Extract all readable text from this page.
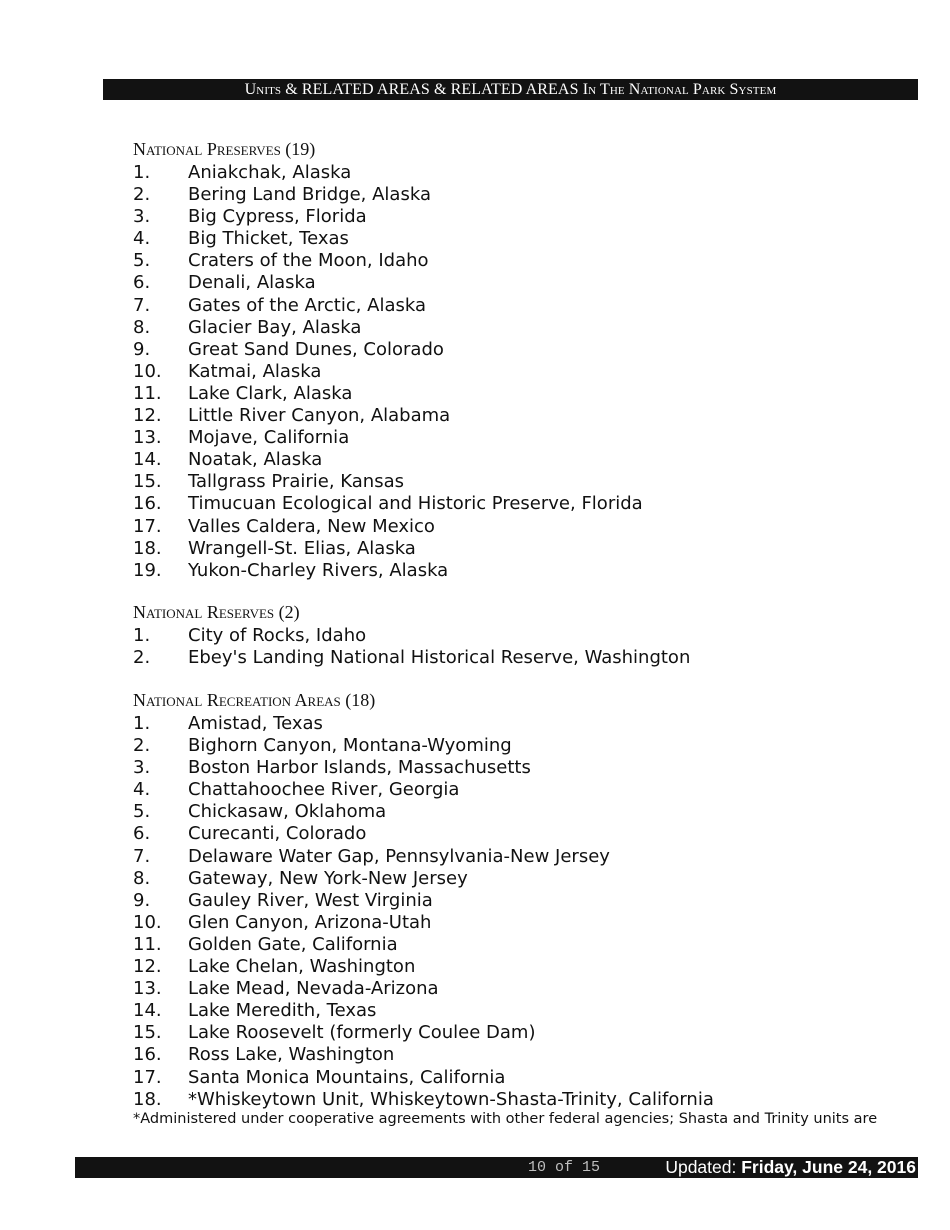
Units & RELATED AREAS & RELATED AREAS In The National Park System
National Preserves (19)
1. Aniakchak, Alaska
2. Bering Land Bridge, Alaska
3. Big Cypress, Florida
4. Big Thicket, Texas
5. Craters of the Moon, Idaho
6. Denali, Alaska
7. Gates of the Arctic, Alaska
8. Glacier Bay, Alaska
9. Great Sand Dunes, Colorado
10. Katmai, Alaska
11. Lake Clark, Alaska
12. Little River Canyon, Alabama
13. Mojave, California
14. Noatak, Alaska
15. Tallgrass Prairie, Kansas
16. Timucuan Ecological and Historic Preserve, Florida
17. Valles Caldera, New Mexico
18. Wrangell-St. Elias, Alaska
19. Yukon-Charley Rivers, Alaska
National Reserves (2)
1. City of Rocks, Idaho
2. Ebey's Landing National Historical Reserve, Washington
National Recreation Areas (18)
1. Amistad, Texas
2. Bighorn Canyon, Montana-Wyoming
3. Boston Harbor Islands, Massachusetts
4. Chattahoochee River, Georgia
5. Chickasaw, Oklahoma
6. Curecanti, Colorado
7. Delaware Water Gap, Pennsylvania-New Jersey
8. Gateway, New York-New Jersey
9. Gauley River, West Virginia
10. Glen Canyon, Arizona-Utah
11. Golden Gate, California
12. Lake Chelan, Washington
13. Lake Mead, Nevada-Arizona
14. Lake Meredith, Texas
15. Lake Roosevelt (formerly Coulee Dam)
16. Ross Lake, Washington
17. Santa Monica Mountains, California
18. *Whiskeytown Unit, Whiskeytown-Shasta-Trinity, California
*Administered under cooperative agreements with other federal agencies; Shasta and Trinity units are
10 of 15	Updated: Friday, June 24, 2016
